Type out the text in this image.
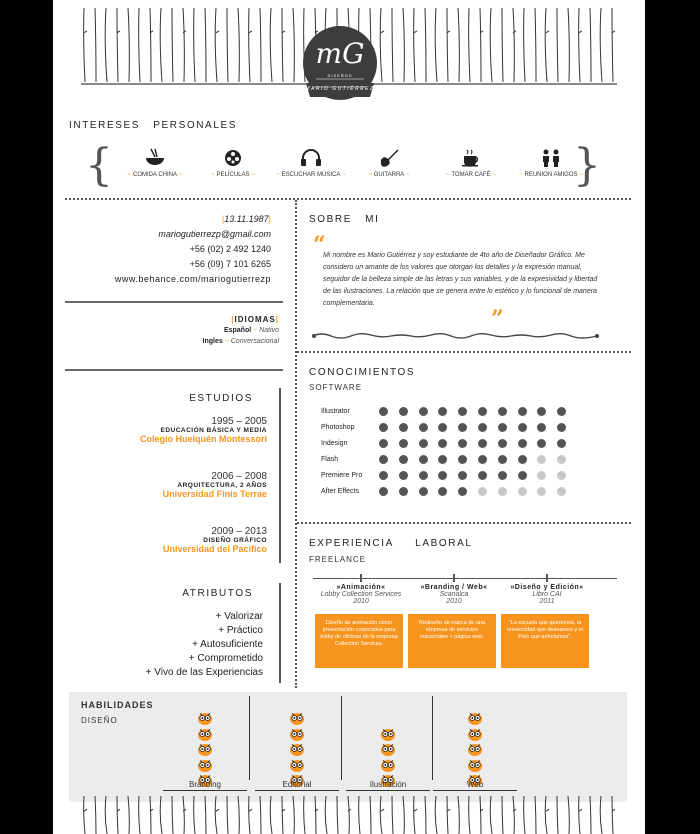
mG
DISEÑOS
MARIO GUTIÉRREZ
INTERESES   PERSONALES
{	}
|13.11.1987|
mariogutierrezp@gmail.com
+56 (02) 2 492 1240
+56 (09) 7 101 6265
www.behance.com/mariogutierrezp
|IDIOMAS|
Español ~ Nativo
Ingles ~ Conversacional
ESTUDIOS
ATRIBUTOS
+ Valorizar
+ Práctico
+ Autosuficiente
+ Comprometido
+ Vivo de las Experiencias
SOBRE   MI
“
Mi nombre es Mario Gutiérrez y soy estudiante de 4to año de Diseñador Gráfico. Me considero un amante de los valores que otorgan los detalles y la expresión manual, seguidor de la belleza simple de las letras y sus variables, y de la expresividad y libertad de las ilustraciones. La relación que se genera entre lo estético y lo funcional de manera complementaria.
”
CONOCIMIENTOS
SOFTWARE
EXPERIENCIA     LABORAL
FREELANCE
HABILIDADES
DISEÑO
~ COMIDA CHINA ~	~ PELÍCULAS ~	~ ESCUCHAR MÚSICA ~	~ GUITARRA ~	~ TOMAR CAFÉ ~	~ REUNION AMIGOS ~
1995 – 2005
EDUCACIÓN BÁSICA Y MEDIA
Colegio Huelquén Montessori
2006 – 2008
ARQUITECTURA, 2 AÑOS
Universidad Finis Terrae
2009 – 2013
DISEÑO GRÁFICO
Universidad del Pacífico
Illustrator
Photoshop
Indesign
Flash
Premiere Pro
After Effects
»Animación«
Lobby Collection Services
2010
Diseño de animación como presentación corporativa para lobby de oficinas de la empresa Collection Services.
»Branding / Web«
Scanalca
2010
Rediseño de marca de una empresa de servicios industriales + página web.
»Diseño y Edición«
Libro CAI
2011
"La escuela que queremos, la universidad que deseamos y el País que anhelamos".
Branding	Editorial	Ilustración	Web
